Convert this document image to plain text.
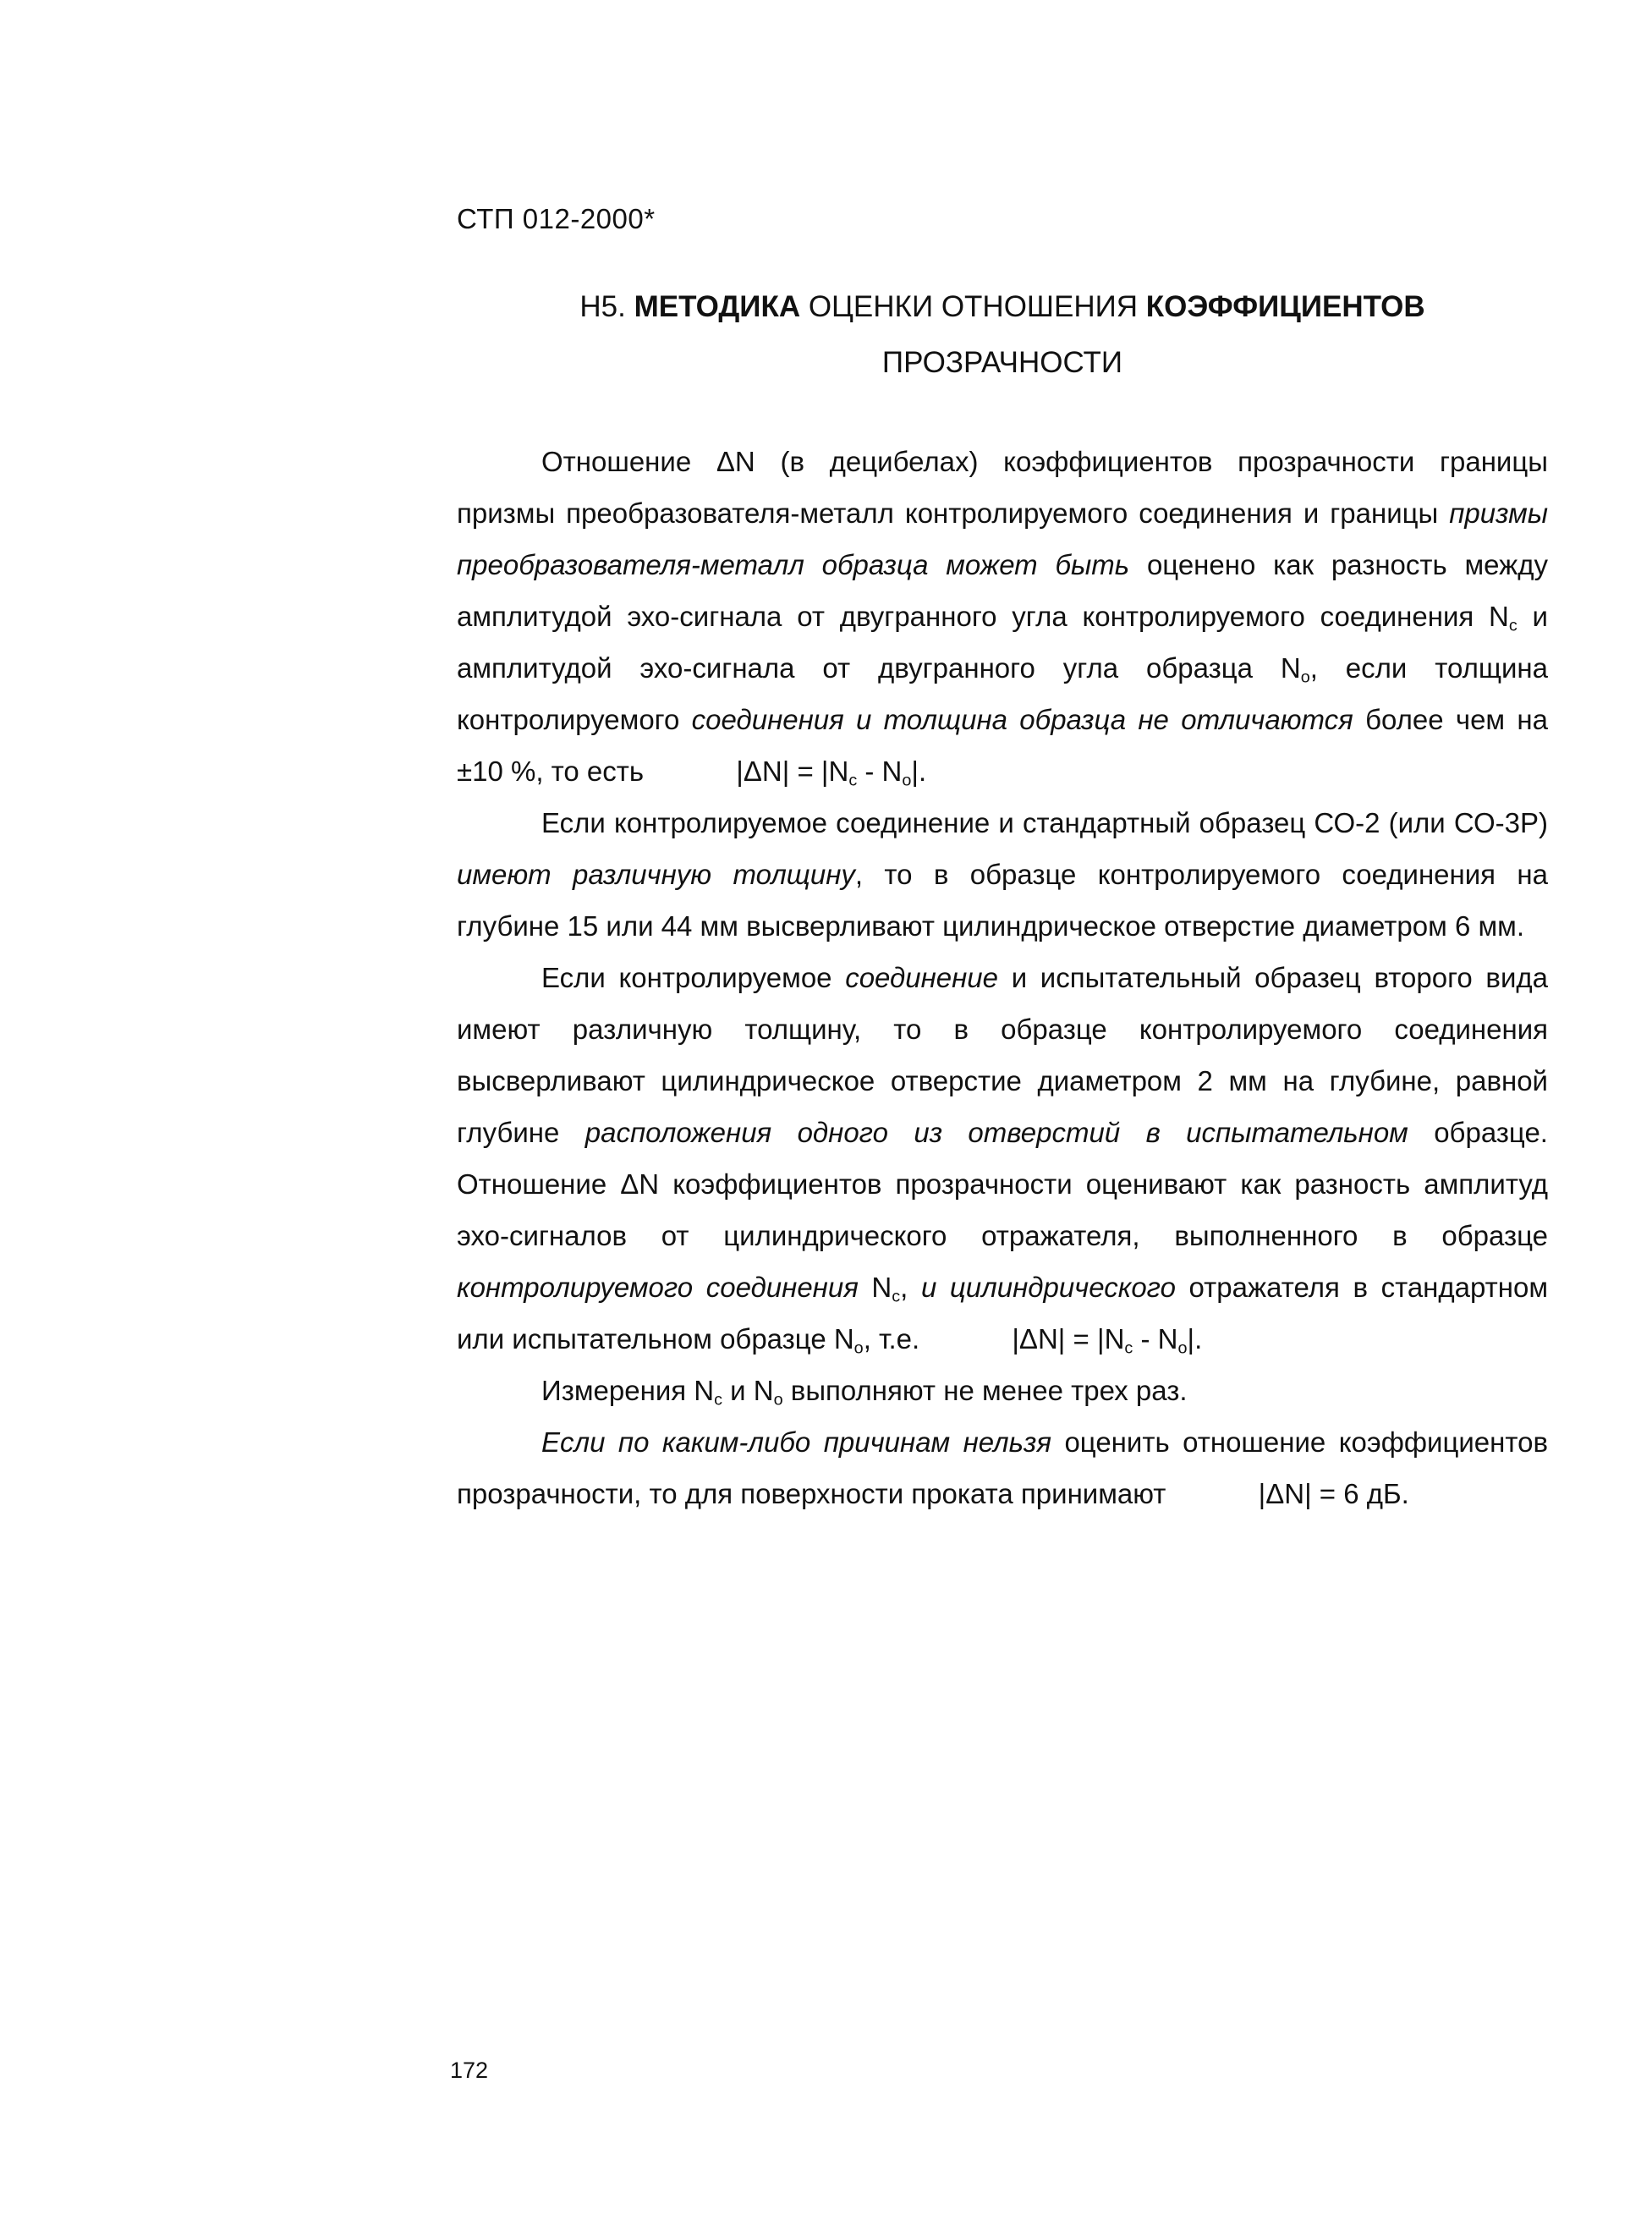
СТП 012-2000*
Н5. МЕТОДИКА ОЦЕНКИ ОТНОШЕНИЯ КОЭФФИЦИЕНТОВ
ПРОЗРАЧНОСТИ

Отношение ΔN (в децибелах) коэффициентов прозрачности границы призмы преобразователя-металл контролируемого соединения и границы призмы преобразователя-металл образца может быть оценено как разность между амплитудой эхо-сигнала от двугранного угла контролируемого соединения $N_c$ и амплитудой эхо-сигнала от двугранного угла образца $N_o$, если толщина контролируемого соединения и толщина образца не отличаются более чем на ±10 %, то есть	$|\Delta N| = |N_c - N_o|$.

Если контролируемое соединение и стандартный образец СО-2 (или СО-3Р) имеют различную толщину, то в образце контролируемого соединения на глубине 15 или 44 мм высверливают цилиндрическое отверстие диаметром 6 мм.

Если контролируемое соединение и испытательный образец второго вида имеют различную толщину, то в образце контролируемого соединения высверливают цилиндрическое отверстие диаметром 2 мм на глубине, равной глубине расположения одного из отверстий в испытательном образце. Отношение ΔN коэффициентов прозрачности оценивают как разность амплитуд эхо-сигналов от цилиндрического отражателя, выполненного в образце контролируемого соединения $N_c$, и цилиндрического отражателя в стандартном или испытательном образце $N_o$, т.е.	$|\Delta N| = |N_c - N_o|$.

Измерения $N_c$ и $N_o$ выполняют не менее трех раз.

Если по каким-либо причинам нельзя оценить отношение коэффициентов прозрачности, то для поверхности проката принимают	|ΔN| = 6 дБ.

172
